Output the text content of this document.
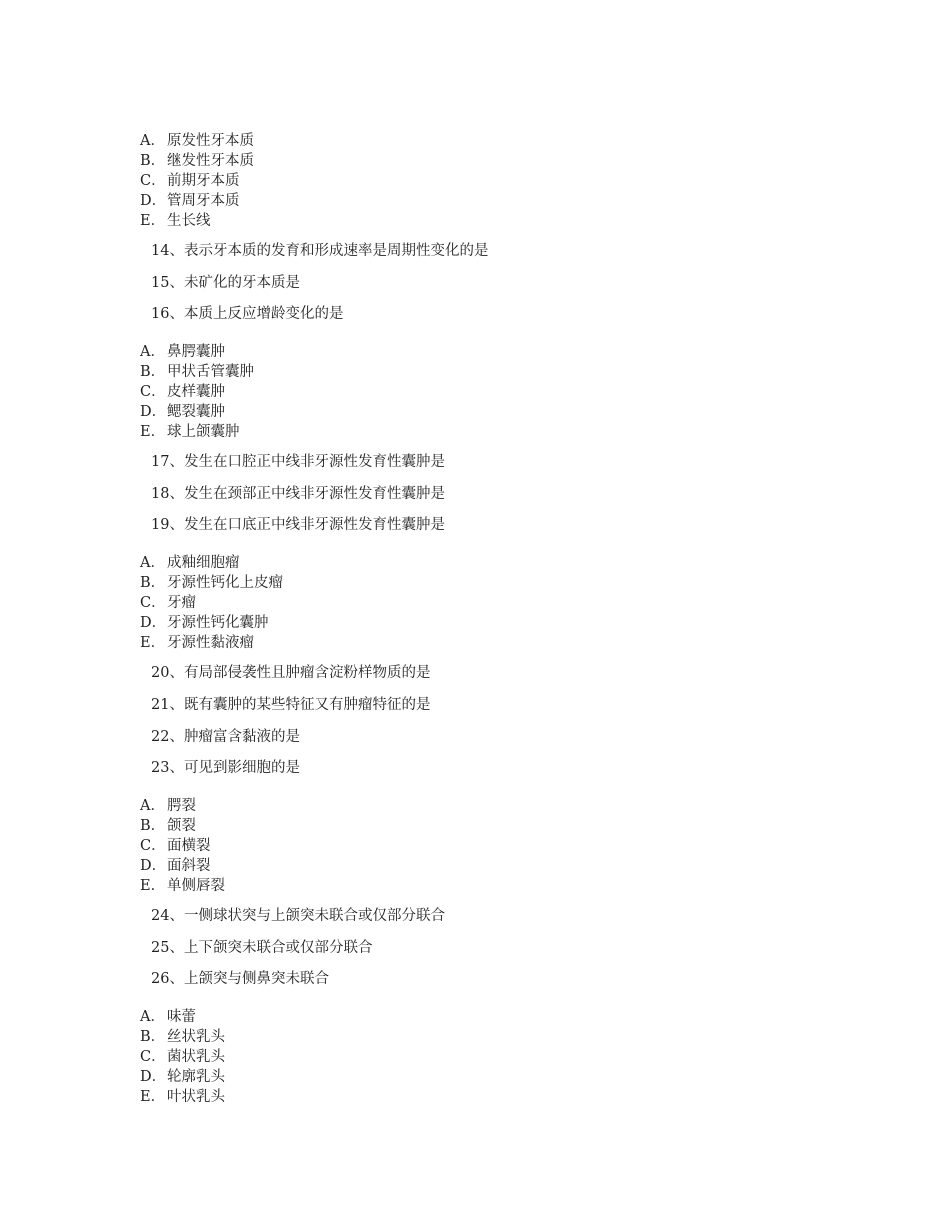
A． 原发性牙本质
B． 继发性牙本质
C．前期牙本质
D．管周牙本质
E． 生长线
14、表示牙本质的发育和形成速率是周期性变化的是
15、未矿化的牙本质是
16、本质上反应增龄变化的是
A． 鼻腭囊肿
B． 甲状舌管囊肿
C．皮样囊肿
D．鳃裂囊肿
E． 球上颌囊肿
17、发生在口腔正中线非牙源性发育性囊肿是
18、发生在颈部正中线非牙源性发育性囊肿是
19、发生在口底正中线非牙源性发育性囊肿是
A． 成釉细胞瘤
B． 牙源性钙化上皮瘤
C．牙瘤
D．牙源性钙化囊肿
E． 牙源性黏液瘤
20、有局部侵袭性且肿瘤含淀粉样物质的是
21、既有囊肿的某些特征又有肿瘤特征的是
22、肿瘤富含黏液的是
23、可见到影细胞的是
A． 腭裂
B． 颌裂
C．面横裂
D．面斜裂
E． 单侧唇裂
24、一侧球状突与上颌突未联合或仅部分联合
25、上下颌突未联合或仅部分联合
26、上颌突与侧鼻突未联合
A． 味蕾
B． 丝状乳头
C．菌状乳头
D．轮廓乳头
E． 叶状乳头
